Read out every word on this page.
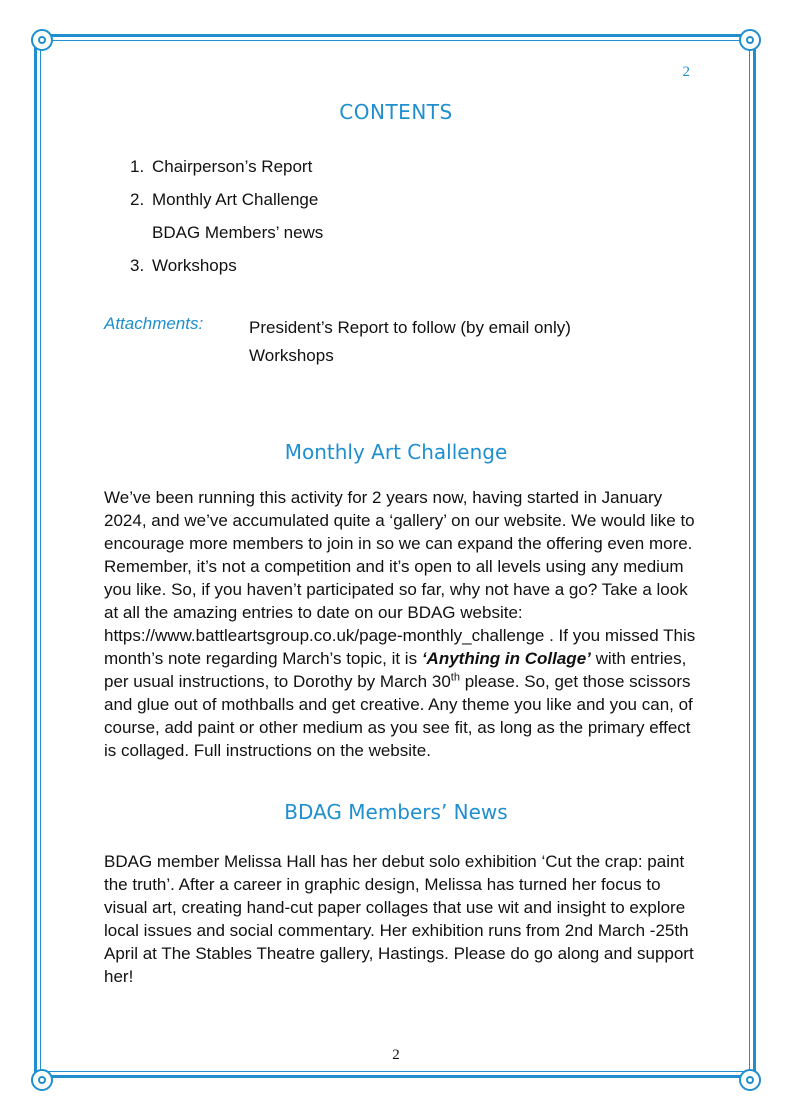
2
CONTENTS
1. Chairperson’s Report
2. Monthly Art Challenge
BDAG Members’ news
3. Workshops
Attachments:	President’s Report to follow (by email only)
Workshops
Monthly Art Challenge
We’ve been running this activity for 2 years now, having started in January 2024, and we’ve accumulated quite a ‘gallery’ on our website. We would like to encourage more members to join in so we can expand the offering even more. Remember, it’s not a competition and it’s open to all levels using any medium you like. So, if you haven’t participated so far, why not have a go? Take a look at all the amazing entries to date on our BDAG website: https://www.battleartsgroup.co.uk/page-monthly_challenge . If you missed This month’s note regarding March’s topic, it is ‘Anything in Collage’ with entries, per usual instructions, to Dorothy by March 30th please. So, get those scissors and glue out of mothballs and get creative. Any theme you like and you can, of course, add paint or other medium as you see fit, as long as the primary effect is collaged. Full instructions on the website.
BDAG Members’ News
BDAG member Melissa Hall has her debut solo exhibition ‘Cut the crap: paint the truth’. After a career in graphic design, Melissa has turned her focus to visual art, creating hand-cut paper collages that use wit and insight to explore local issues and social commentary. Her exhibition runs from 2nd March -25th April at The Stables Theatre gallery, Hastings. Please do go along and support her!
2
